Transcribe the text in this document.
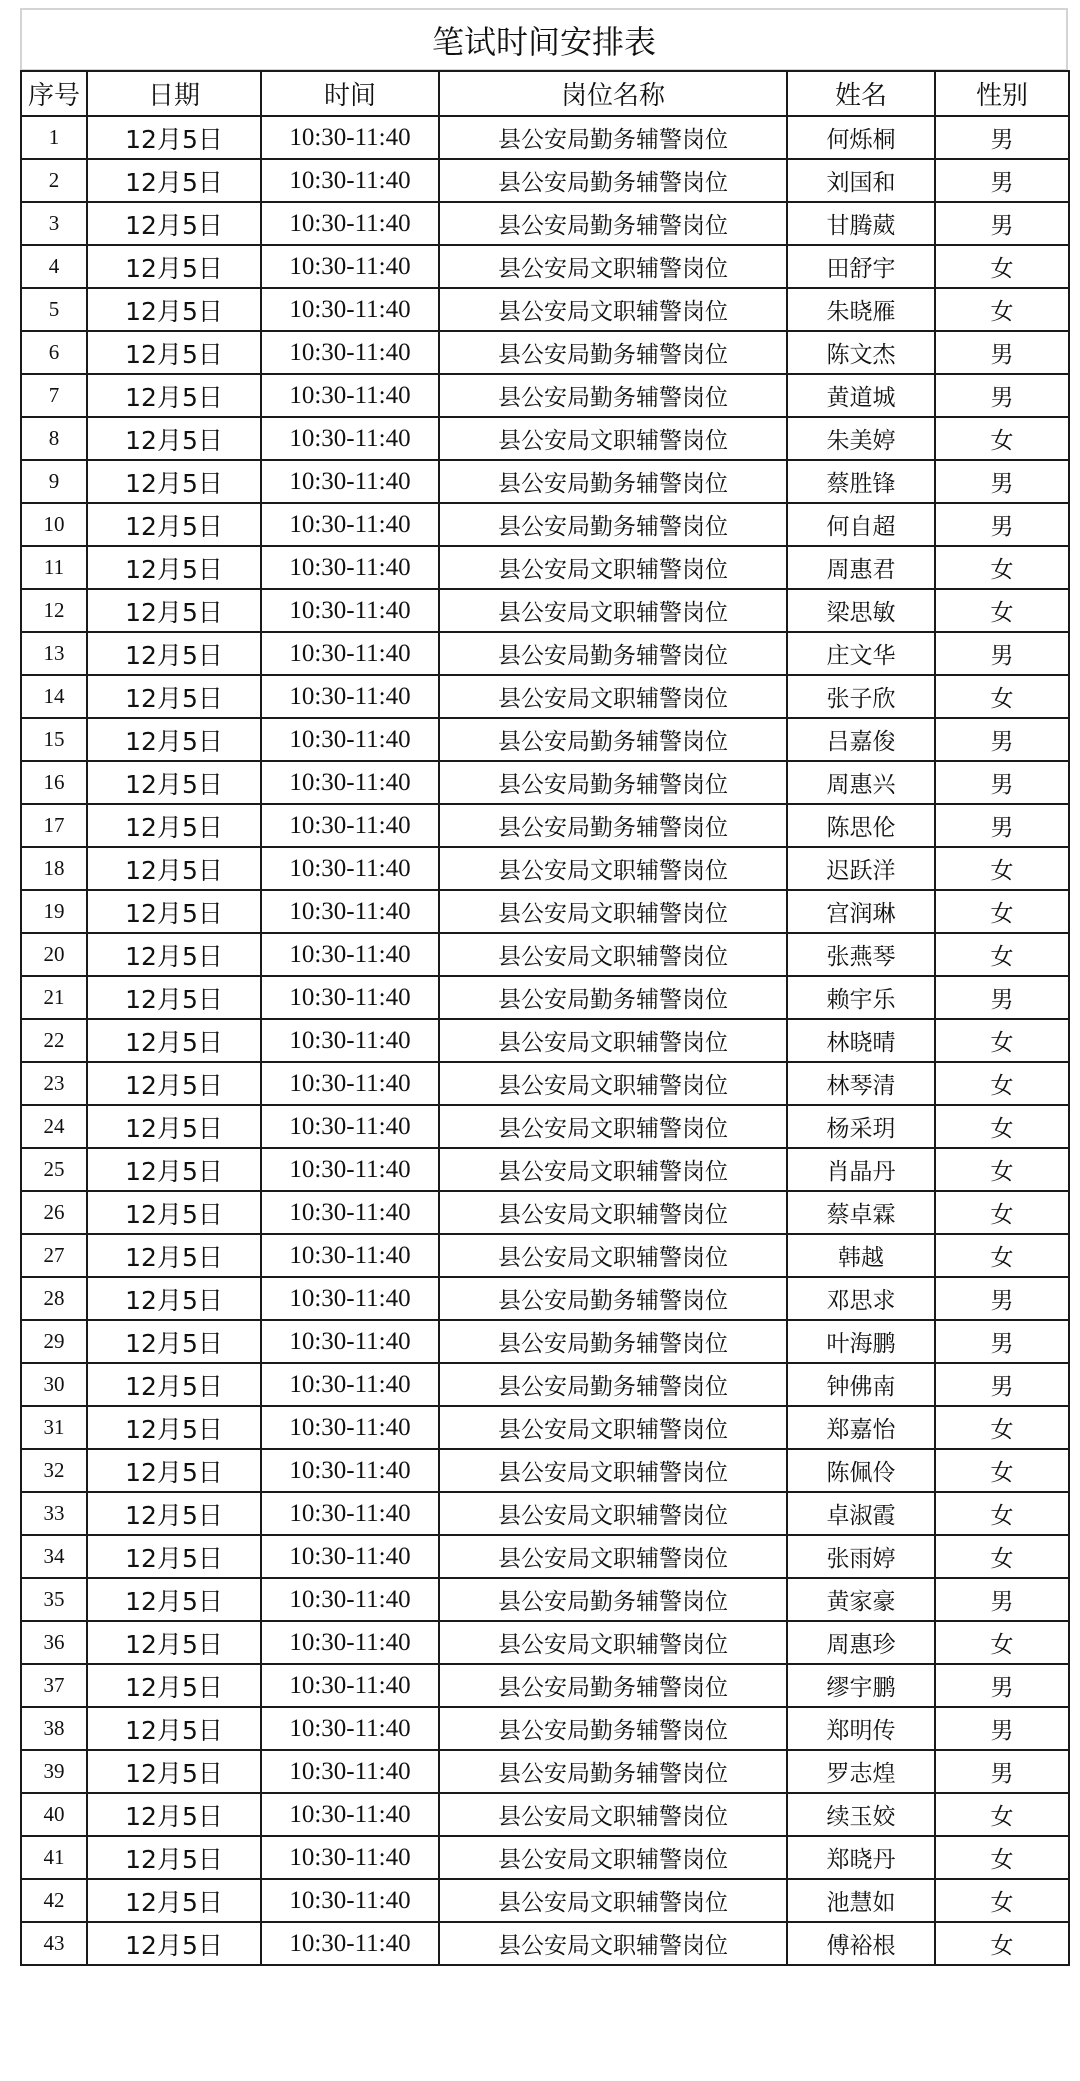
笔试时间安排表
序号	日期	时间	岗位名称	姓名	性别
1	12月5日	10:30-11:40	县公安局勤务辅警岗位	何烁桐	男
2	12月5日	10:30-11:40	县公安局勤务辅警岗位	刘国和	男
3	12月5日	10:30-11:40	县公安局勤务辅警岗位	甘腾葳	男
4	12月5日	10:30-11:40	县公安局文职辅警岗位	田舒宇	女
5	12月5日	10:30-11:40	县公安局文职辅警岗位	朱晓雁	女
6	12月5日	10:30-11:40	县公安局勤务辅警岗位	陈文杰	男
7	12月5日	10:30-11:40	县公安局勤务辅警岗位	黄道城	男
8	12月5日	10:30-11:40	县公安局文职辅警岗位	朱美婷	女
9	12月5日	10:30-11:40	县公安局勤务辅警岗位	蔡胜锋	男
10	12月5日	10:30-11:40	县公安局勤务辅警岗位	何自超	男
11	12月5日	10:30-11:40	县公安局文职辅警岗位	周惠君	女
12	12月5日	10:30-11:40	县公安局文职辅警岗位	梁思敏	女
13	12月5日	10:30-11:40	县公安局勤务辅警岗位	庄文华	男
14	12月5日	10:30-11:40	县公安局文职辅警岗位	张子欣	女
15	12月5日	10:30-11:40	县公安局勤务辅警岗位	吕嘉俊	男
16	12月5日	10:30-11:40	县公安局勤务辅警岗位	周惠兴	男
17	12月5日	10:30-11:40	县公安局勤务辅警岗位	陈思伦	男
18	12月5日	10:30-11:40	县公安局文职辅警岗位	迟跃洋	女
19	12月5日	10:30-11:40	县公安局文职辅警岗位	宫润琳	女
20	12月5日	10:30-11:40	县公安局文职辅警岗位	张燕琴	女
21	12月5日	10:30-11:40	县公安局勤务辅警岗位	赖宇乐	男
22	12月5日	10:30-11:40	县公安局文职辅警岗位	林晓晴	女
23	12月5日	10:30-11:40	县公安局文职辅警岗位	林琴清	女
24	12月5日	10:30-11:40	县公安局文职辅警岗位	杨采玥	女
25	12月5日	10:30-11:40	县公安局文职辅警岗位	肖晶丹	女
26	12月5日	10:30-11:40	县公安局文职辅警岗位	蔡卓霖	女
27	12月5日	10:30-11:40	县公安局文职辅警岗位	韩越	女
28	12月5日	10:30-11:40	县公安局勤务辅警岗位	邓思求	男
29	12月5日	10:30-11:40	县公安局勤务辅警岗位	叶海鹏	男
30	12月5日	10:30-11:40	县公安局勤务辅警岗位	钟佛南	男
31	12月5日	10:30-11:40	县公安局文职辅警岗位	郑嘉怡	女
32	12月5日	10:30-11:40	县公安局文职辅警岗位	陈佩伶	女
33	12月5日	10:30-11:40	县公安局文职辅警岗位	卓淑霞	女
34	12月5日	10:30-11:40	县公安局文职辅警岗位	张雨婷	女
35	12月5日	10:30-11:40	县公安局勤务辅警岗位	黄家豪	男
36	12月5日	10:30-11:40	县公安局文职辅警岗位	周惠珍	女
37	12月5日	10:30-11:40	县公安局勤务辅警岗位	缪宇鹏	男
38	12月5日	10:30-11:40	县公安局勤务辅警岗位	郑明传	男
39	12月5日	10:30-11:40	县公安局勤务辅警岗位	罗志煌	男
40	12月5日	10:30-11:40	县公安局文职辅警岗位	续玉姣	女
41	12月5日	10:30-11:40	县公安局文职辅警岗位	郑晓丹	女
42	12月5日	10:30-11:40	县公安局文职辅警岗位	池慧如	女
43	12月5日	10:30-11:40	县公安局文职辅警岗位	傅裕根	女
